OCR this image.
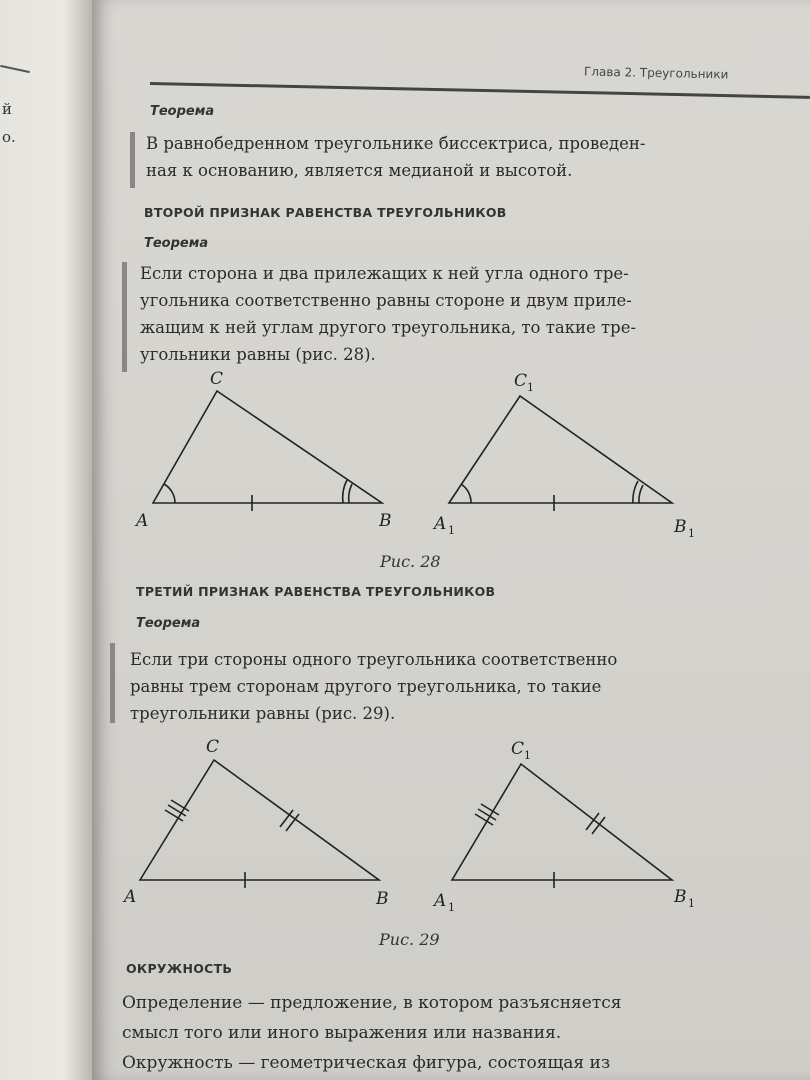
й
о.
Глава 2. Треугольники
Теорема
В равнобедренном треугольнике биссектриса, проведен-
ная к основанию, является медианой и высотой.
ВТОРОЙ ПРИЗНАК РАВЕНСТВА ТРЕУГОЛЬНИКОВ
Теорема
Если сторона и два прилежащих к ней угла одного тре-
угольника соответственно равны стороне и двум приле-
жащим к ней углам другого треугольника, то такие тре-
угольники равны (рис. 28).
A
C
B	A 1
C 1
B 1
Рис. 28
ТРЕТИЙ ПРИЗНАК РАВЕНСТВА ТРЕУГОЛЬНИКОВ
Теорема
Если три стороны одного треугольника соответственно
равны трем сторонам другого треугольника, то такие
треугольники равны (рис. 29).
A
C
B	A 1
C 1
B 1
Рис. 29
ОКРУЖНОСТЬ
Определение — предложение, в котором разъясняется
смысл того или иного выражения или названия.
Окружность — геометрическая фигура, состоящая из
